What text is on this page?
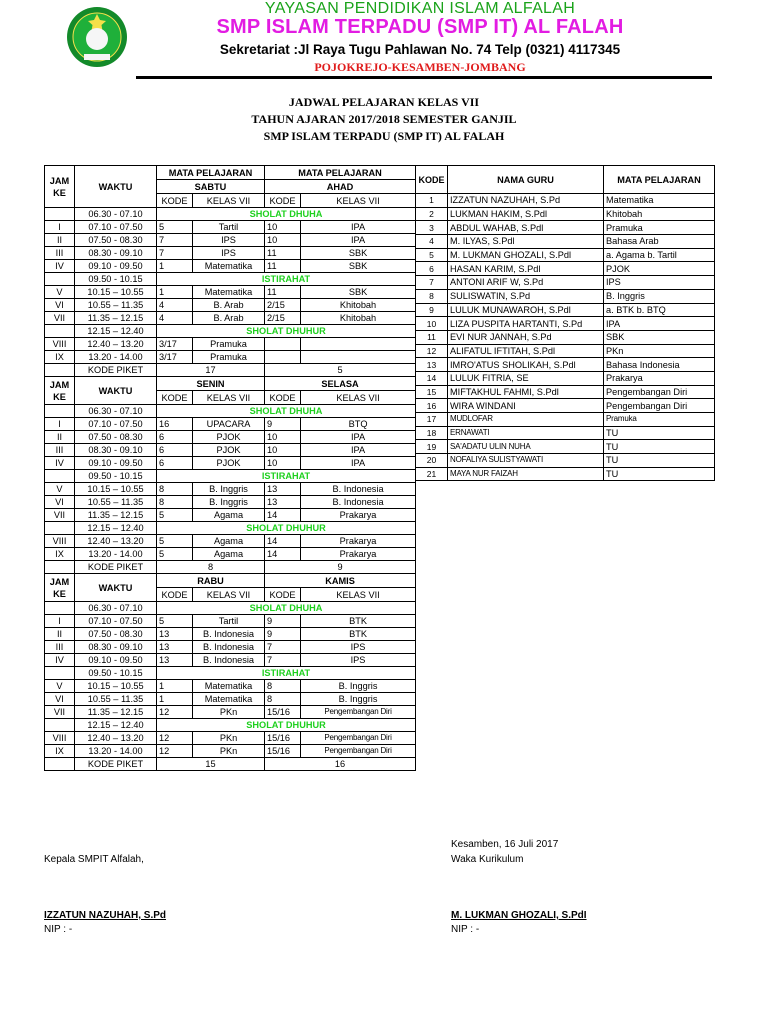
YAYASAN PENDIDIKAN ISLAM ALFALAH
SMP ISLAM TERPADU (SMP IT) AL FALAH
Sekretariat :Jl Raya Tugu Pahlawan No. 74 Telp (0321) 4117345
POJOKREJO-KESAMBEN-JOMBANG
JADWAL PELAJARAN KELAS VII
TAHUN AJARAN 2017/2018 SEMESTER GANJIL
SMP ISLAM TERPADU (SMP IT) AL FALAH
JAM KE	WAKTU	MATA PELAJARAN		MATA PELAJARAN	
		SABTU		AHAD	
		KODE	KELAS VII	KODE	KELAS VII
	06.30 - 07.10	SHOLAT DHUHA			
I	07.10 - 07.50	5	Tartil	10	IPA
II	07.50 - 08.30	7	IPS	10	IPA
III	08.30 - 09.10	7	IPS	11	SBK
IV	09.10 - 09.50	1	Matematika	11	SBK
	09.50 - 10.15	ISTIRAHAT			
V	10.15 – 10.55	1	Matematika	11	SBK
VI	10.55 – 11.35	4	B. Arab	2/15	Khitobah
VII	11.35 – 12.15	4	B. Arab	2/15	Khitobah
	12.15 – 12.40	SHOLAT DHUHUR			
VIII	12.40 – 13.20	3/17	Pramuka		
IX	13.20 - 14.00	3/17	Pramuka		
	KODE PIKET	17		5	
JAM KE	WAKTU	SENIN		SELASA	

		KODE	KELAS VII	KODE	KELAS VII
	06.30 - 07.10	SHOLAT DHUHA			
I	07.10 - 07.50	16	UPACARA	9	BTQ
II	07.50 - 08.30	6	PJOK	10	IPA
III	08.30 - 09.10	6	PJOK	10	IPA
IV	09.10 - 09.50	6	PJOK	10	IPA
	09.50 - 10.15	ISTIRAHAT			
V	10.15 – 10.55	8	B. Inggris	13	B. Indonesia
VI	10.55 – 11.35	8	B. Inggris	13	B. Indonesia
VII	11.35 – 12.15	5	Agama	14	Prakarya
	12.15 – 12.40	SHOLAT DHUHUR			
VIII	12.40 – 13.20	5	Agama	14	Prakarya
IX	13.20 - 14.00	5	Agama	14	Prakarya
	KODE PIKET	8		9	
JAM KE	WAKTU	RABU		KAMIS	

		KODE	KELAS VII	KODE	KELAS VII
	06.30 - 07.10	SHOLAT DHUHA			
I	07.10 - 07.50	5	Tartil	9	BTK
II	07.50 - 08.30	13	B. Indonesia	9	BTK
III	08.30 - 09.10	13	B. Indonesia	7	IPS
IV	09.10 - 09.50	13	B. Indonesia	7	IPS
	09.50 - 10.15	ISTIRAHAT			
V	10.15 – 10.55	1	Matematika	8	B. Inggris
VI	10.55 – 11.35	1	Matematika	8	B. Inggris
VII	11.35 – 12.15	12	PKn	15/16	Pengembangan Diri
	12.15 – 12.40	SHOLAT DHUHUR			
VIII	12.40 – 13.20	12	PKn	15/16	Pengembangan Diri
IX	13.20 - 14.00	12	PKn	15/16	Pengembangan Diri
	KODE PIKET	15		16	
KODE	NAMA GURU	MATA PELAJARAN
1	IZZATUN NAZUHAH, S.Pd	Matematika
2	LUKMAN HAKIM, S.Pdl	Khitobah
3	ABDUL WAHAB, S.Pdl	Pramuka
4	M. ILYAS, S.Pdl	Bahasa Arab
5	M. LUKMAN GHOZALI, S.Pdl	a. Agama b. Tartil
6	HASAN KARIM, S.Pdl	PJOK
7	ANTONI ARIF W, S.Pd	IPS
8	SULISWATIN, S.Pd	B. Inggris
9	LULUK MUNAWAROH, S.Pdl	a. BTK b. BTQ
10	LIZA PUSPITA HARTANTI, S.Pd	IPA
11	EVI NUR JANNAH, S.Pd	SBK
12	ALIFATUL IFTITAH, S.Pdl	PKn
13	IMRO'ATUS SHOLIKAH, S.Pdl	Bahasa Indonesia
14	LULUK FITRIA, SE	Prakarya
15	MIFTAKHUL FAHMI, S.Pdl	Pengembangan Diri
16	WIRA WINDANI	Pengembangan Diri
17	MUDLOFAR	Pramuka
18	ERNAWATI	TU
19	SA'ADATU ULIN NUHA	TU
20	NOFALIYA SULISTYAWATI	TU
21	MAYA NUR FAIZAH	TU
Kesamben, 16 Juli 2017
Kepala SMPIT Alfalah,	Waka Kurikulum
IZZATUN NAZUHAH, S.Pd	M. LUKMAN GHOZALI, S.PdI
NIP : -	NIP : -
